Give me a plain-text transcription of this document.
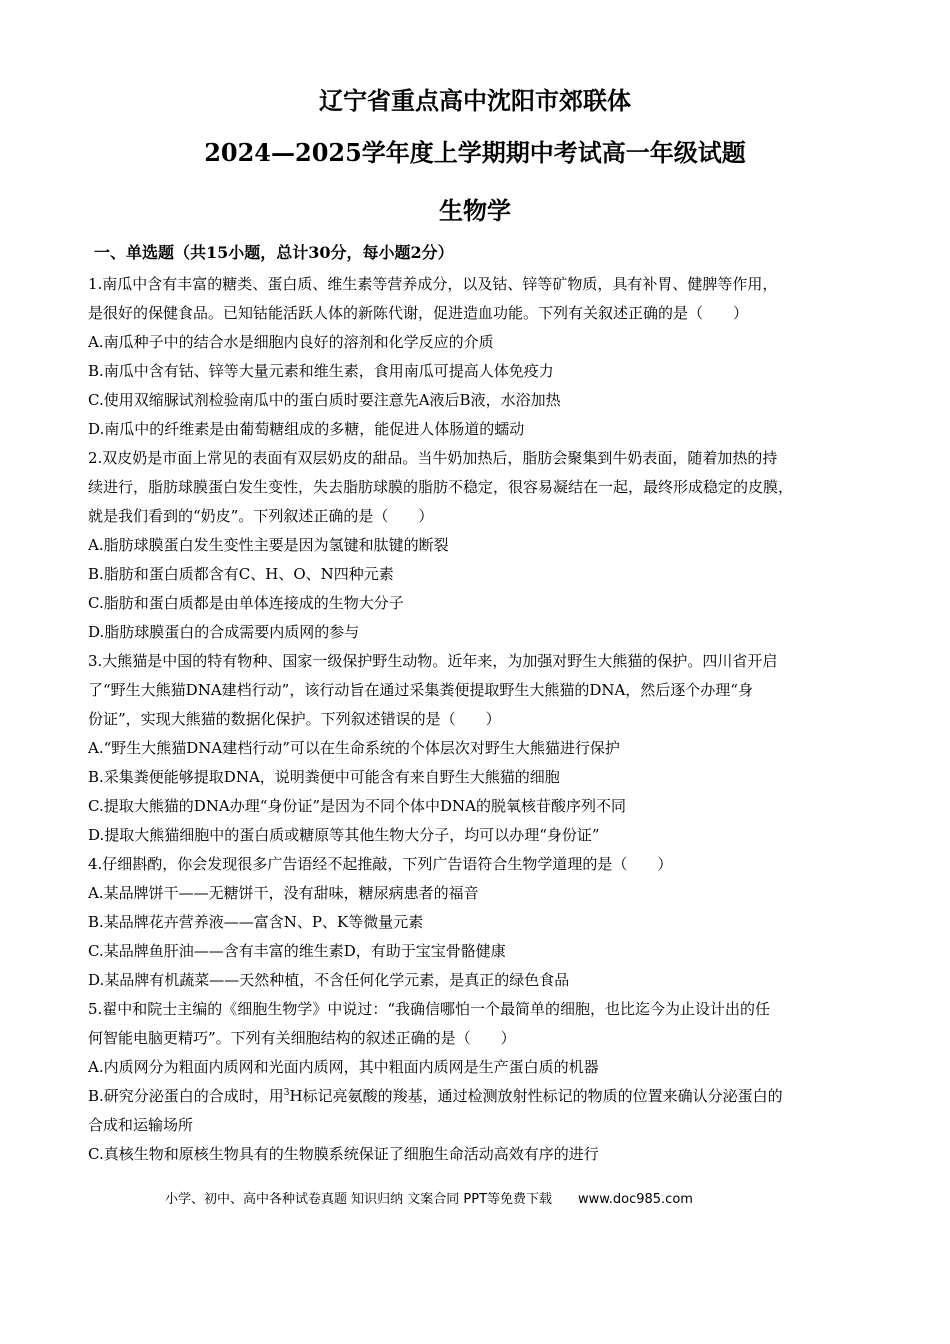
辽宁省重点高中沈阳市郊联体
2024—2025学年度上学期期中考试高一年级试题
生物学
一、单选题（共15小题，总计30分，每小题2分）
1.南瓜中含有丰富的糖类、蛋白质、维生素等营养成分，以及钴、锌等矿物质，具有补胃、健脾等作用，
是很好的保健食品。已知钴能活跃人体的新陈代谢，促进造血功能。下列有关叙述正确的是（　　）
A.南瓜种子中的结合水是细胞内良好的溶剂和化学反应的介质
B.南瓜中含有钴、锌等大量元素和维生素，食用南瓜可提高人体免疫力
C.使用双缩脲试剂检验南瓜中的蛋白质时要注意先A液后B液，水浴加热
D.南瓜中的纤维素是由葡萄糖组成的多糖，能促进人体肠道的蠕动
2.双皮奶是市面上常见的表面有双层奶皮的甜品。当牛奶加热后，脂肪会聚集到牛奶表面，随着加热的持
续进行，脂肪球膜蛋白发生变性，失去脂肪球膜的脂肪不稳定，很容易凝结在一起，最终形成稳定的皮膜，
就是我们看到的“奶皮”。下列叙述正确的是（　　）
A.脂肪球膜蛋白发生变性主要是因为氢键和肽键的断裂
B.脂肪和蛋白质都含有C、H、O、N四种元素
C.脂肪和蛋白质都是由单体连接成的生物大分子
D.脂肪球膜蛋白的合成需要内质网的参与
3.大熊猫是中国的特有物种、国家一级保护野生动物。近年来，为加强对野生大熊猫的保护。四川省开启
了“野生大熊猫DNA建档行动”，该行动旨在通过采集粪便提取野生大熊猫的DNA，然后逐个办理“身
份证”，实现大熊猫的数据化保护。下列叙述错误的是（　　）
A.“野生大熊猫DNA建档行动”可以在生命系统的个体层次对野生大熊猫进行保护
B.采集粪便能够提取DNA，说明粪便中可能含有来自野生大熊猫的细胞
C.提取大熊猫的DNA办理“身份证”是因为不同个体中DNA的脱氧核苷酸序列不同
D.提取大熊猫细胞中的蛋白质或糖原等其他生物大分子，均可以办理“身份证”
4.仔细斟酌，你会发现很多广告语经不起推敲，下列广告语符合生物学道理的是（　　）
A.某品牌饼干——无糖饼干，没有甜味，糖尿病患者的福音
B.某品牌花卉营养液——富含N、P、K等微量元素
C.某品牌鱼肝油——含有丰富的维生素D，有助于宝宝骨骼健康
D.某品牌有机蔬菜——天然种植，不含任何化学元素，是真正的绿色食品
5.翟中和院士主编的《细胞生物学》中说过：“我确信哪怕一个最简单的细胞，也比迄今为止设计出的任
何智能电脑更精巧”。下列有关细胞结构的叙述正确的是（　　）
A.内质网分为粗面内质网和光面内质网，其中粗面内质网是生产蛋白质的机器
B.研究分泌蛋白的合成时，用$^3$H标记亮氨酸的羧基，通过检测放射性标记的物质的位置来确认分泌蛋白的
合成和运输场所
C.真核生物和原核生物具有的生物膜系统保证了细胞生命活动高效有序的进行
小学、初中、高中各种试卷真题 知识归纳 文案合同 PPT等免费下载 www.doc985.com
